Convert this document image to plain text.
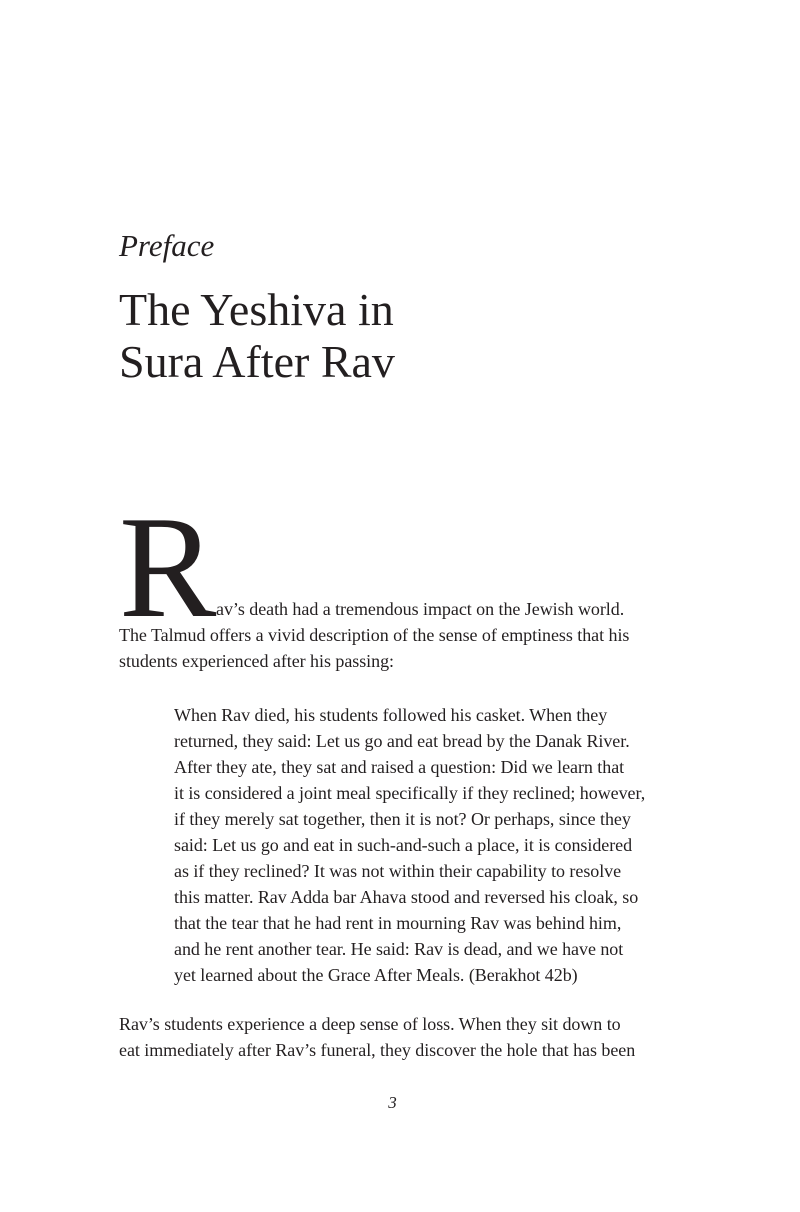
Preface
The Yeshiva in
Sura After Rav
R av’s death had a tremendous impact on the Jewish world.
The Talmud offers a vivid description of the sense of emptiness that his
students experienced after his passing:
When Rav died, his students followed his casket. When they
returned, they said: Let us go and eat bread by the Danak River.
After they ate, they sat and raised a question: Did we learn that
it is considered a joint meal specifically if they reclined; however,
if they merely sat together, then it is not? Or perhaps, since they
said: Let us go and eat in such-and-such a place, it is considered
as if they reclined? It was not within their capability to resolve
this matter. Rav Adda bar Ahava stood and reversed his cloak, so
that the tear that he had rent in mourning Rav was behind him,
and he rent another tear. He said: Rav is dead, and we have not
yet learned about the Grace After Meals. (Berakhot 42b)
Rav’s students experience a deep sense of loss. When they sit down to
eat immediately after Rav’s funeral, they discover the hole that has been
3
